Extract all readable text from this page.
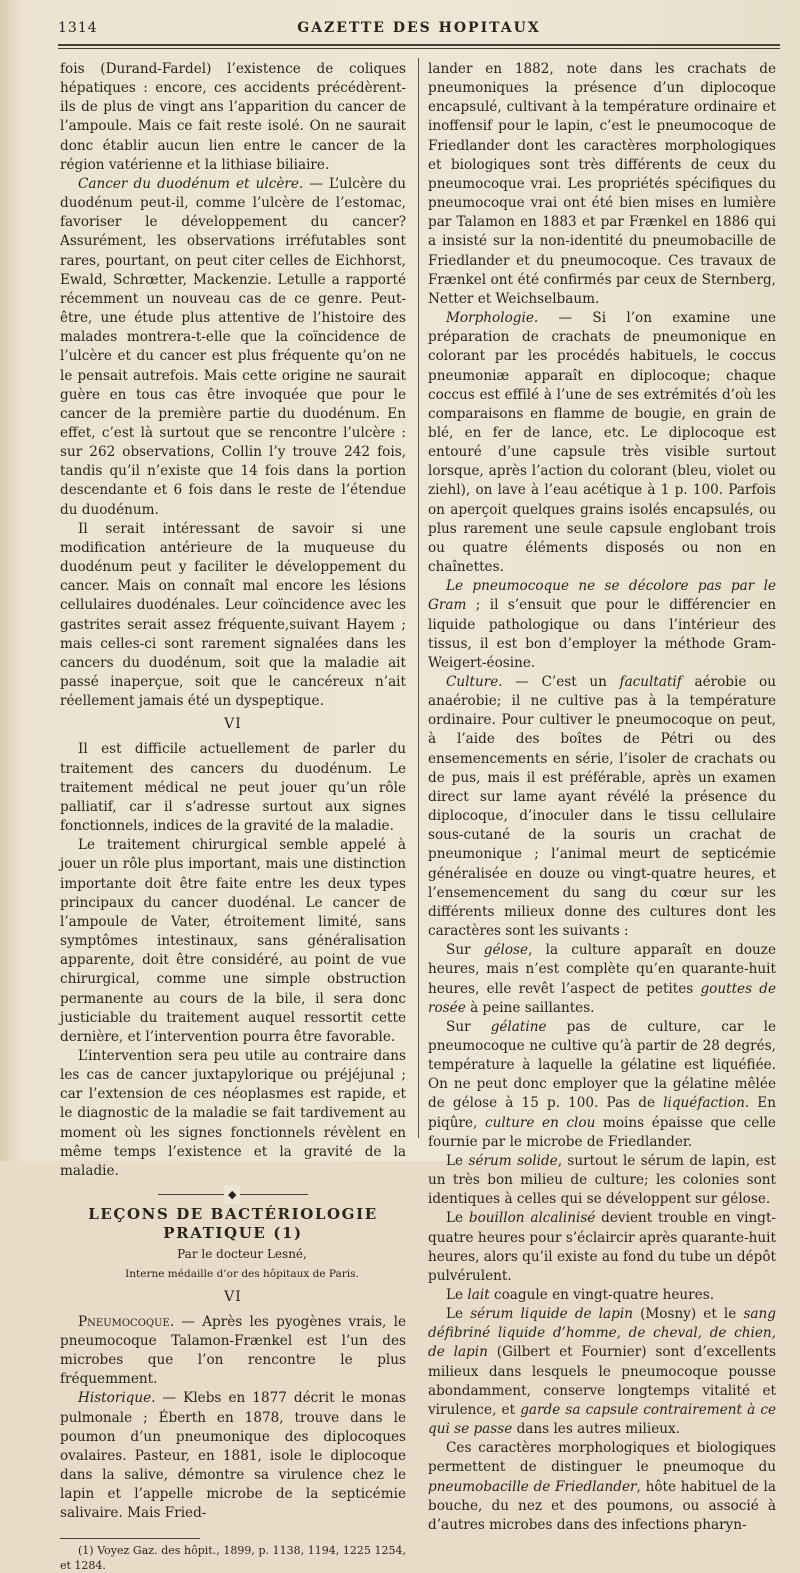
1314	GAZETTE DES HOPITAUX

fois (Durand-Fardel) l’existence de coliques hépatiques : encore, ces accidents précédèrent-ils de plus de vingt ans l’apparition du cancer de l’ampoule. Mais ce fait reste isolé. On ne saurait donc établir aucun lien entre le cancer de la région vatérienne et la lithiase biliaire.

Cancer du duodénum et ulcère. — L’ulcère du duodénum peut-il, comme l’ulcère de l’estomac, favoriser le développement du cancer? Assurément, les observations irréfutables sont rares, pourtant, on peut citer celles de Eichhorst, Ewald, Schrœtter, Mackenzie. Letulle a rapporté récemment un nouveau cas de ce genre. Peut-être, une étude plus attentive de l’histoire des malades montrera-t-elle que la coïncidence de l’ulcère et du cancer est plus fréquente qu’on ne le pensait autrefois. Mais cette origine ne saurait guère en tous cas être invoquée que pour le cancer de la première partie du duodénum. En effet, c’est là surtout que se rencontre l’ulcère : sur 262 observations, Collin l’y trouve 242 fois, tandis qu’il n’existe que 14 fois dans la portion descendante et 6 fois dans le reste de l’étendue du duodénum.

Il serait intéressant de savoir si une modification antérieure de la muqueuse du duodénum peut y faciliter le développement du cancer. Mais on connaît mal encore les lésions cellulaires duodénales. Leur coïncidence avec les gastrites serait assez fréquente,suivant Hayem ; mais celles-ci sont rarement signalées dans les cancers du duodénum, soit que la maladie ait passé inaperçue, soit que le cancéreux n’ait réellement jamais été un dyspeptique.

VI

Il est difficile actuellement de parler du traitement des cancers du duodénum. Le traitement médical ne peut jouer qu’un rôle palliatif, car il s’adresse surtout aux signes fonctionnels, indices de la gravité de la maladie.

Le traitement chirurgical semble appelé à jouer un rôle plus important, mais une distinction importante doit être faite entre les deux types principaux du cancer duodénal. Le cancer de l’ampoule de Vater, étroitement limité, sans symptômes intestinaux, sans généralisation apparente, doit être considéré, au point de vue chirurgical, comme une simple obstruction permanente au cours de la bile, il sera donc justiciable du traitement auquel ressortit cette dernière, et l’intervention pourra être favorable.

L’intervention sera peu utile au contraire dans les cas de cancer juxtapylorique ou préjéjunal ; car l’extension de ces néoplasmes est rapide, et le diagnostic de la maladie se fait tardivement au moment où les signes fonctionnels révèlent en même temps l’existence et la gravité de la maladie.

◆
LEÇONS DE BACTÉRIOLOGIE PRATIQUE (1)

Par le docteur Lesné,

Interne médaille d’or des hôpitaux de Paris.

VI

Pneumocoque. — Après les pyogènes vrais, le pneumocoque Talamon-Frænkel est l’un des microbes que l’on rencontre le plus fréquemment.

Historique. — Klebs en 1877 décrit le monas pulmonale ; Éberth en 1878, trouve dans le poumon d’un pneumonique des diplocoques ovalaires. Pasteur, en 1881, isole le diplocoque dans la salive, démontre sa virulence chez le lapin et l’appelle microbe de la septicémie salivaire. Mais Fried-

(1) Voyez Gaz. des hôpit., 1899, p. 1138, 1194, 1225 1254, et 1284.

lander en 1882, note dans les crachats de pneumoniques la présence d’un diplocoque encapsulé, cultivant à la température ordinaire et inoffensif pour le lapin, c’est le pneumocoque de Friedlander dont les caractères morphologiques et biologiques sont très différents de ceux du pneumocoque vrai. Les propriétés spécifiques du pneumocoque vrai ont été bien mises en lumière par Talamon en 1883 et par Frænkel en 1886 qui a insisté sur la non-identité du pneumobacille de Friedlander et du pneumocoque. Ces travaux de Frænkel ont été confirmés par ceux de Sternberg, Netter et Weichselbaum.

Morphologie. — Si l’on examine une préparation de crachats de pneumonique en colorant par les procédés habituels, le coccus pneumoniæ apparaît en diplocoque; chaque coccus est effilé à l’une de ses extrémités d’où les comparaisons en flamme de bougie, en grain de blé, en fer de lance, etc. Le diplocoque est entouré d’une capsule très visible surtout lorsque, après l’action du colorant (bleu, violet ou ziehl), on lave à l’eau acétique à 1 p. 100. Parfois on aperçoit quelques grains isolés encapsulés, ou plus rarement une seule capsule englobant trois ou quatre éléments disposés ou non en chaînettes.

Le pneumocoque ne se décolore pas par le Gram ; il s’ensuit que pour le différencier en liquide pathologique ou dans l’intérieur des tissus, il est bon d’employer la méthode Gram-Weigert-éosine.

Culture. — C’est un facultatif aérobie ou anaérobie; il ne cultive pas à la température ordinaire. Pour cultiver le pneumocoque on peut, à l’aide des boîtes de Pétri ou des ensemencements en série, l’isoler de crachats ou de pus, mais il est préférable, après un examen direct sur lame ayant révélé la présence du diplocoque, d’inoculer dans le tissu cellulaire sous-cutané de la souris un crachat de pneumonique ; l’animal meurt de septicémie généralisée en douze ou vingt-quatre heures, et l’ensemencement du sang du cœur sur les différents milieux donne des cultures dont les caractères sont les suivants :

Sur gélose, la culture apparaît en douze heures, mais n’est complète qu’en quarante-huit heures, elle revêt l’aspect de petites gouttes de rosée à peine saillantes.

Sur gélatine pas de culture, car le pneumocoque ne cultive qu’à partir de 28 degrés, température à laquelle la gélatine est liquéfiée. On ne peut donc employer que la gélatine mêlée de gélose à 15 p. 100. Pas de liquéfaction. En piqûre, culture en clou moins épaisse que celle fournie par le microbe de Friedlander.

Le sérum solide, surtout le sérum de lapin, est un très bon milieu de culture; les colonies sont identiques à celles qui se développent sur gélose.

Le bouillon alcalinisé devient trouble en vingt-quatre heures pour s’éclaircir après quarante-huit heures, alors qu’il existe au fond du tube un dépôt pulvérulent.

Le lait coagule en vingt-quatre heures.

Le sérum liquide de lapin (Mosny) et le sang défibriné liquide d’homme, de cheval, de chien, de lapin (Gilbert et Fournier) sont d’excellents milieux dans lesquels le pneumocoque pousse abondamment, conserve longtemps vitalité et virulence, et garde sa capsule contrairement à ce qui se passe dans les autres milieux.

Ces caractères morphologiques et biologiques permettent de distinguer le pneumoque du pneumobacille de Friedlander, hôte habituel de la bouche, du nez et des poumons, ou associé à d’autres microbes dans des infections pharyn-
